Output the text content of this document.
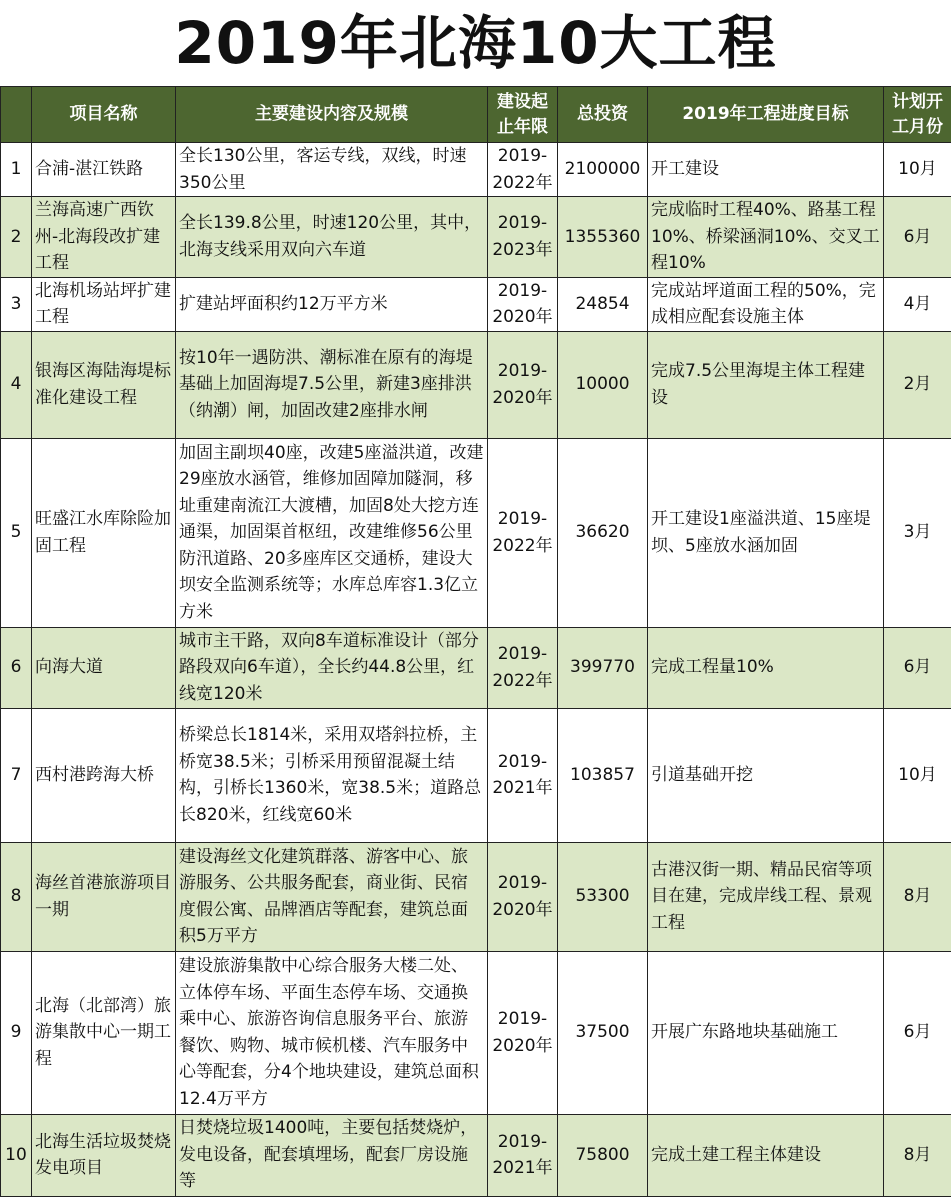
2019年北海10大工程
	项目名称	主要建设内容及规模	建设起止年限	总投资	2019年工程进度目标	计划开工月份
1	合浦-湛江铁路	全长130公里，客运专线，双线，时速350公里	2019-2022年	2100000	开工建设	10月
2	兰海高速广西钦州-北海段改扩建工程	全长139.8公里，时速120公里，其中，北海支线采用双向六车道	2019-2023年	1355360	完成临时工程40%、路基工程10%、桥梁涵洞10%、交叉工程10%	6月
3	北海机场站坪扩建工程	扩建站坪面积约12万平方米	2019-2020年	24854	完成站坪道面工程的50%，完成相应配套设施主体	4月
4	银海区海陆海堤标准化建设工程	按10年一遇防洪、潮标准在原有的海堤基础上加固海堤7.5公里，新建3座排洪（纳潮）闸，加固改建2座排水闸	2019-2020年	10000	完成7.5公里海堤主体工程建设	2月
5	旺盛江水库除险加固工程	加固主副坝40座，改建5座溢洪道，改建29座放水涵管，维修加固障加隧洞，移址重建南流江大渡槽，加固8处大挖方连通渠，加固渠首枢纽，改建维修56公里防汛道路、20多座库区交通桥，建设大坝安全监测系统等；水库总库容1.3亿立方米	2019-2022年	36620	开工建设1座溢洪道、15座堤坝、5座放水涵加固	3月
6	向海大道	城市主干路，双向8车道标准设计（部分路段双向6车道），全长约44.8公里，红线宽120米	2019-2022年	399770	完成工程量10%	6月
7	西村港跨海大桥	桥梁总长1814米，采用双塔斜拉桥，主桥宽38.5米；引桥采用预留混凝土结构，引桥长1360米，宽38.5米；道路总长820米，红线宽60米	2019-2021年	103857	引道基础开挖	10月
8	海丝首港旅游项目一期	建设海丝文化建筑群落、游客中心、旅游服务、公共服务配套，商业街、民宿度假公寓、品牌酒店等配套，建筑总面积5万平方	2019-2020年	53300	古港汉街一期、精品民宿等项目在建，完成岸线工程、景观工程	8月
9	北海（北部湾）旅游集散中心一期工程	建设旅游集散中心综合服务大楼二处、立体停车场、平面生态停车场、交通换乘中心、旅游咨询信息服务平台、旅游餐饮、购物、城市候机楼、汽车服务中心等配套，分4个地块建设，建筑总面积12.4万平方	2019-2020年	37500	开展广东路地块基础施工	6月
10	北海生活垃圾焚烧发电项目	日焚烧垃圾1400吨，主要包括焚烧炉，发电设备，配套填埋场，配套厂房设施等	2019-2021年	75800	完成土建工程主体建设	8月
